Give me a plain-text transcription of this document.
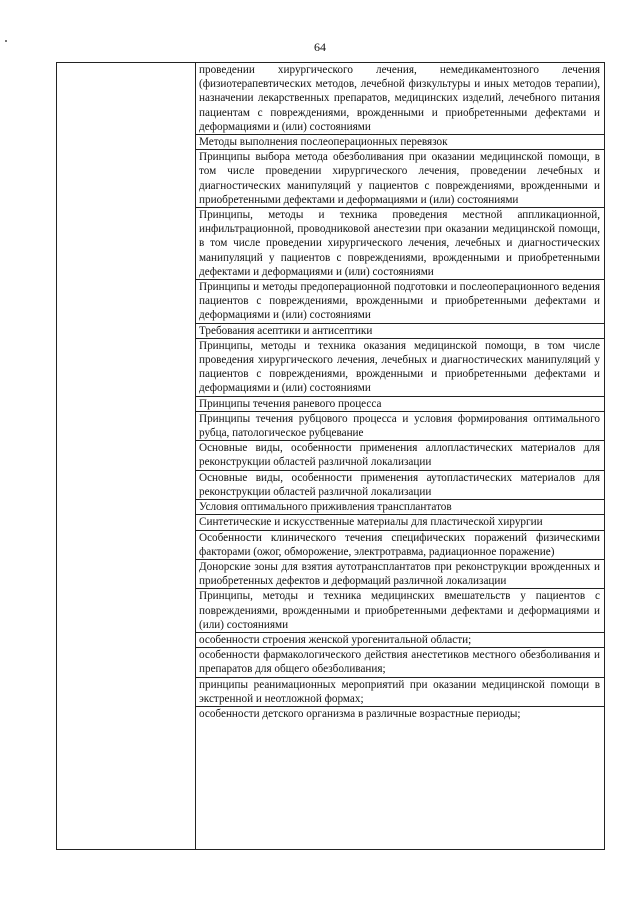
64

проведении хирургического лечения, немедикаментозного лечения (физиотерапевтических методов, лечебной физкультуры и иных методов терапии), назначении лекарственных препаратов, медицинских изделий, лечебного питания пациентам с повреждениями, врожденными и приобретенными дефектами и деформациями и (или) состояниями
Методы выполнения послеоперационных перевязок
Принципы выбора метода обезболивания при оказании медицинской помощи, в том числе проведении хирургического лечения, проведении лечебных и диагностических манипуляций у пациентов с повреждениями, врожденными и приобретенными дефектами и деформациями и (или) состояниями
Принципы, методы и техника проведения местной аппликационной, инфильтрационной, проводниковой анестезии при оказании медицинской помощи, в том числе проведении хирургического лечения, лечебных и диагностических манипуляций у пациентов с повреждениями, врожденными и приобретенными дефектами и деформациями и (или) состояниями
Принципы и методы предоперационной подготовки и послеоперационного ведения пациентов с повреждениями, врожденными и приобретенными дефектами и деформациями и (или) состояниями
Требования асептики и антисептики
Принципы, методы и техника оказания медицинской помощи, в том числе проведения хирургического лечения, лечебных и диагностических манипуляций у пациентов с повреждениями, врожденными и приобретенными дефектами и деформациями и (или) состояниями
Принципы течения раневого процесса
Принципы течения рубцового процесса и условия формирования оптимального рубца, патологическое рубцевание
Основные виды, особенности применения аллопластических материалов для реконструкции областей различной локализации
Основные виды, особенности применения аутопластических материалов для реконструкции областей различной локализации
Условия оптимального приживления трансплантатов
Синтетические и искусственные материалы для пластической хирургии
Особенности клинического течения специфических поражений физическими факторами (ожог, обморожение, электротравма, радиационное поражение)
Донорские зоны для взятия аутотрансплантатов при реконструкции врожденных и приобретенных дефектов и деформаций различной локализации
Принципы, методы и техника медицинских вмешательств у пациентов с повреждениями, врожденными и приобретенными дефектами и деформациями и (или) состояниями
особенности строения женской урогенитальной области;
особенности фармакологического действия анестетиков местного обезболивания и препаратов для общего обезболивания;
принципы реанимационных мероприятий при оказании медицинской помощи в экстренной и неотложной формах;
особенности детского организма в различные возрастные периоды;
